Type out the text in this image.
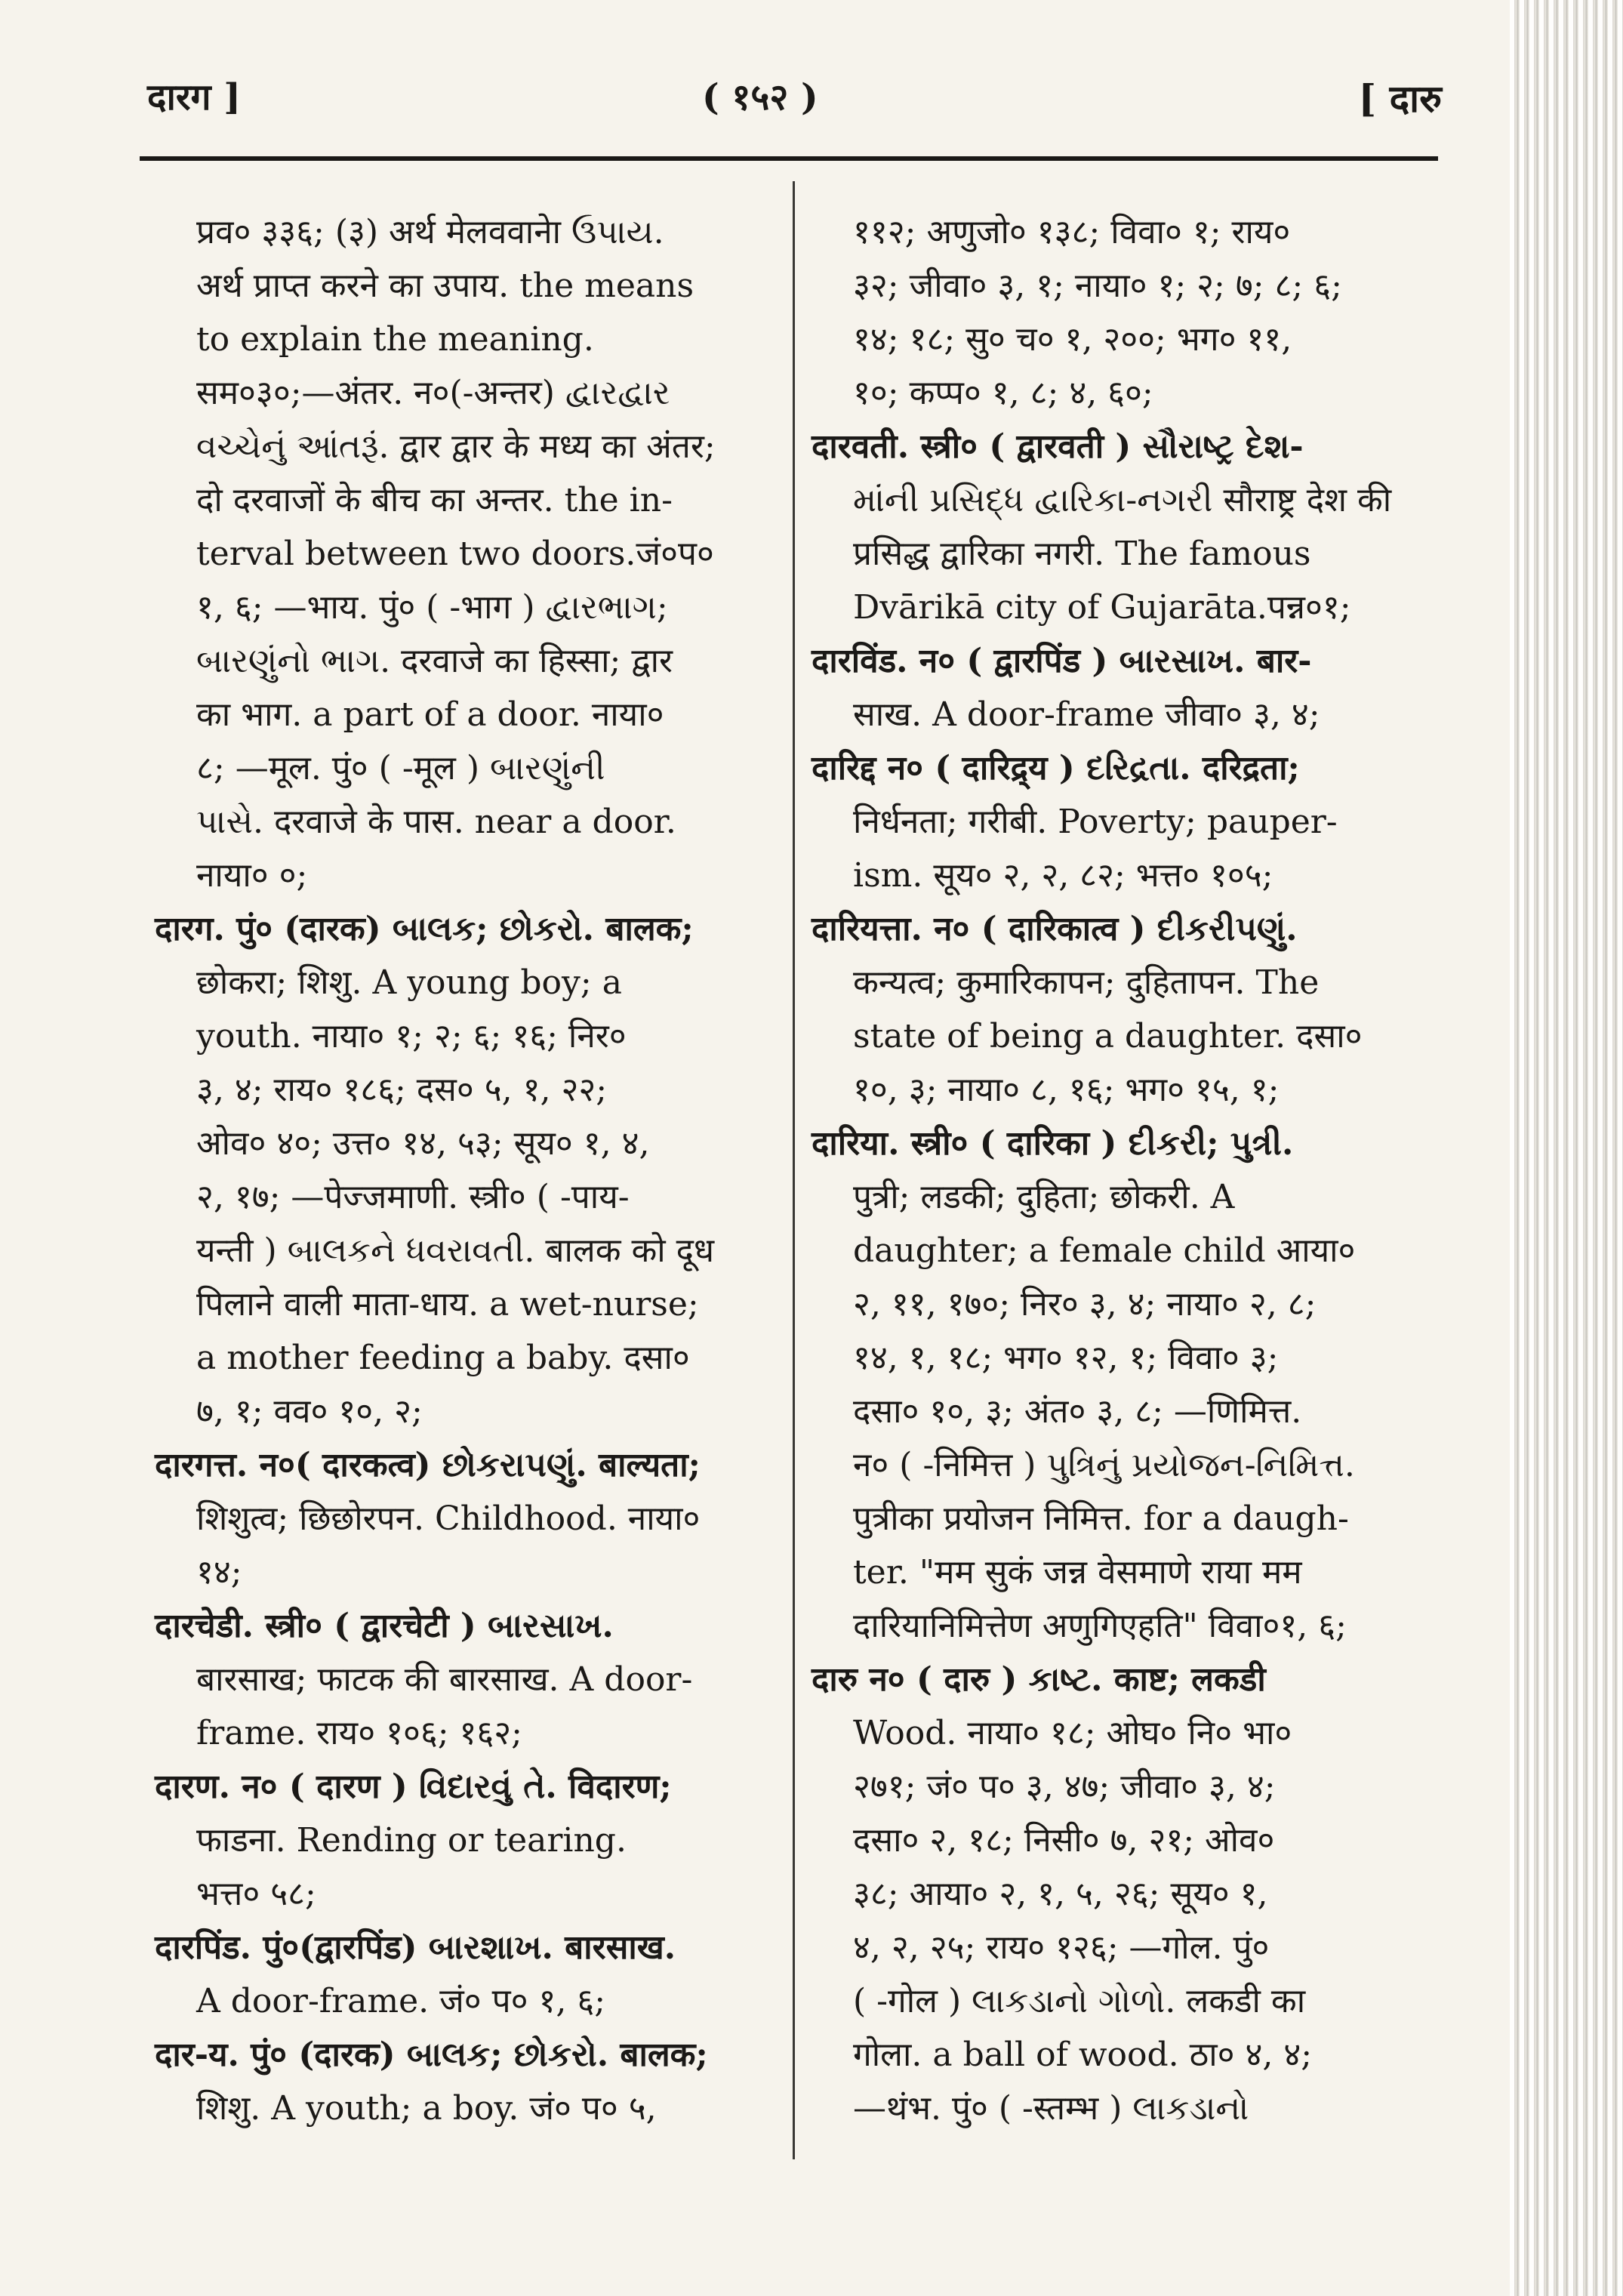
दारग ]	( १५२ )	[ दारु
प्रव० ३३६; (३) अर्थ मेलववानेा ઉપાય.
अर्थ प्राप्त करने का उपाय. the means
to explain the meaning.
सम०३०;—अंतर. न०(-अन्तर) દ્વારદ્વાર
વચ્ચેનું આંતરૂં. द्वार द्वार के मध्य का अंतर;
दो दरवाजों के बीच का अन्तर. the in-
terval between two doors.जं०प०
१, ६; —भाय. पुं० ( -भाग ) દ્વારભાગ;
બારણુંનો ભાગ. दरवाजे का हिस्सा; द्वार
का भाग. a part of a door. नाया०
८; —मूल. पुं० ( -मूल ) બારણુંની
પાસે. दरवाजे के पास. near a door.
नाया० ०;
दारग. पुं० (दारक) બાલક; છોકરો. बालक;
छोकरा; शिशु. A young boy; a
youth. नाया० १; २; ६; १६; निर०
३, ४; राय० १८६; दस० ५, १, २२;
ओव० ४०; उत्त० १४, ५३; सूय० १, ४,
२, १७; —पेज्जमाणी. स्त्री० ( -पाय-
यन्ती ) બાલકને ધવરાવતી. बालक को दूध
पिलाने वाली माता-धाय. a wet-nurse;
a mother feeding a baby. दसा०
७, १; वव० १०, २;
दारगत्त. न०( दारकत्व) છોકરાપણું. बाल्यता;
शिशुत्व; छिछोरपन. Childhood. नाया०
१४;
दारचेडी. स्त्री० ( द्वारचेटी ) બારસાખ.
बारसाख; फाटक की बारसाख. A door-
frame. राय० १०६; १६२;
दारण. न० ( दारण ) વિદારવું તે. विदारण;
फाडना. Rending or tearing.
भत्त० ५८;
दारपिंड. पुं०(द्वारपिंड) બારશાખ. बारसाख.
A door-frame. जं० प० १, ६;
दार-य. पुं० (दारक) બાલક; છોકરો. बालक;
शिशु. A youth; a boy. जं० प० ५,
११२; अणुजो० १३८; विवा० १; राय०
३२; जीवा० ३, १; नाया० १; २; ७; ८; ६;
१४; १८; सु० च० १, २००; भग० ११,
१०; कप्प० १, ८; ४, ६०;
दारवती. स्त्री० ( द्वारवती ) સૌરાષ્ટ્ર દેશ-
માંની પ્રસિદ્ધ દ્વારિકા-નગરી सौराष्ट्र देश की
प्रसिद्ध द्वारिका नगरी. The famous
Dvārikā city of Gujarāta.पन्न०१;
दारविंड. न० ( द्वारपिंड ) બારસાખ. बार-
साख. A door-frame जीवा० ३, ४;
दारिद्द न० ( दारिद्र्य ) દરિદ્રતા. दरिद्रता;
निर्धनता; गरीबी. Poverty; pauper-
ism. सूय० २, २, ८२; भत्त० १०५;
दारियत्ता. न० ( दारिकात्व ) દીકરીપણું.
कन्यत्व; कुमारिकापन; दुहितापन. The
state of being a daughter. दसा०
१०, ३; नाया० ८, १६; भग० १५, १;
दारिया. स्त्री० ( दारिका ) દીકરી; પુત્રી.
पुत्री; लडकी; दुहिता; छोकरी. A
daughter; a female child आया०
२, ११, १७०; निर० ३, ४; नाया० २, ८;
१४, १, १८; भग० १२, १; विवा० ३;
दसा० १०, ३; अंत० ३, ८; —णिमित्त.
न० ( -निमित्त ) પુત્રિનું પ્રયોજન-નિમિત્ત.
पुत्रीका प्रयोजन निमित्त. for a daugh-
ter. "मम सुकं जन्न वेसमाणे राया मम
दारियानिमित्तेण अणुगिएहति" विवा०१, ६;
दारु न० ( दारु ) કાષ્ટ. काष्ट; लकडी
Wood. नाया० १८; ओघ० नि० भा०
२७१; जं० प० ३, ४७; जीवा० ३, ४;
दसा० २, १८; निसी० ७, २१; ओव०
३८; आया० २, १, ५, २६; सूय० १,
४, २, २५; राय० १२६; —गोल. पुं०
( -गोल ) લાકડાનો ગોળો. लकडी का
गोला. a ball of wood. ठा० ४, ४;
—थंभ. पुं० ( -स्तम्भ ) લાકડાનો
